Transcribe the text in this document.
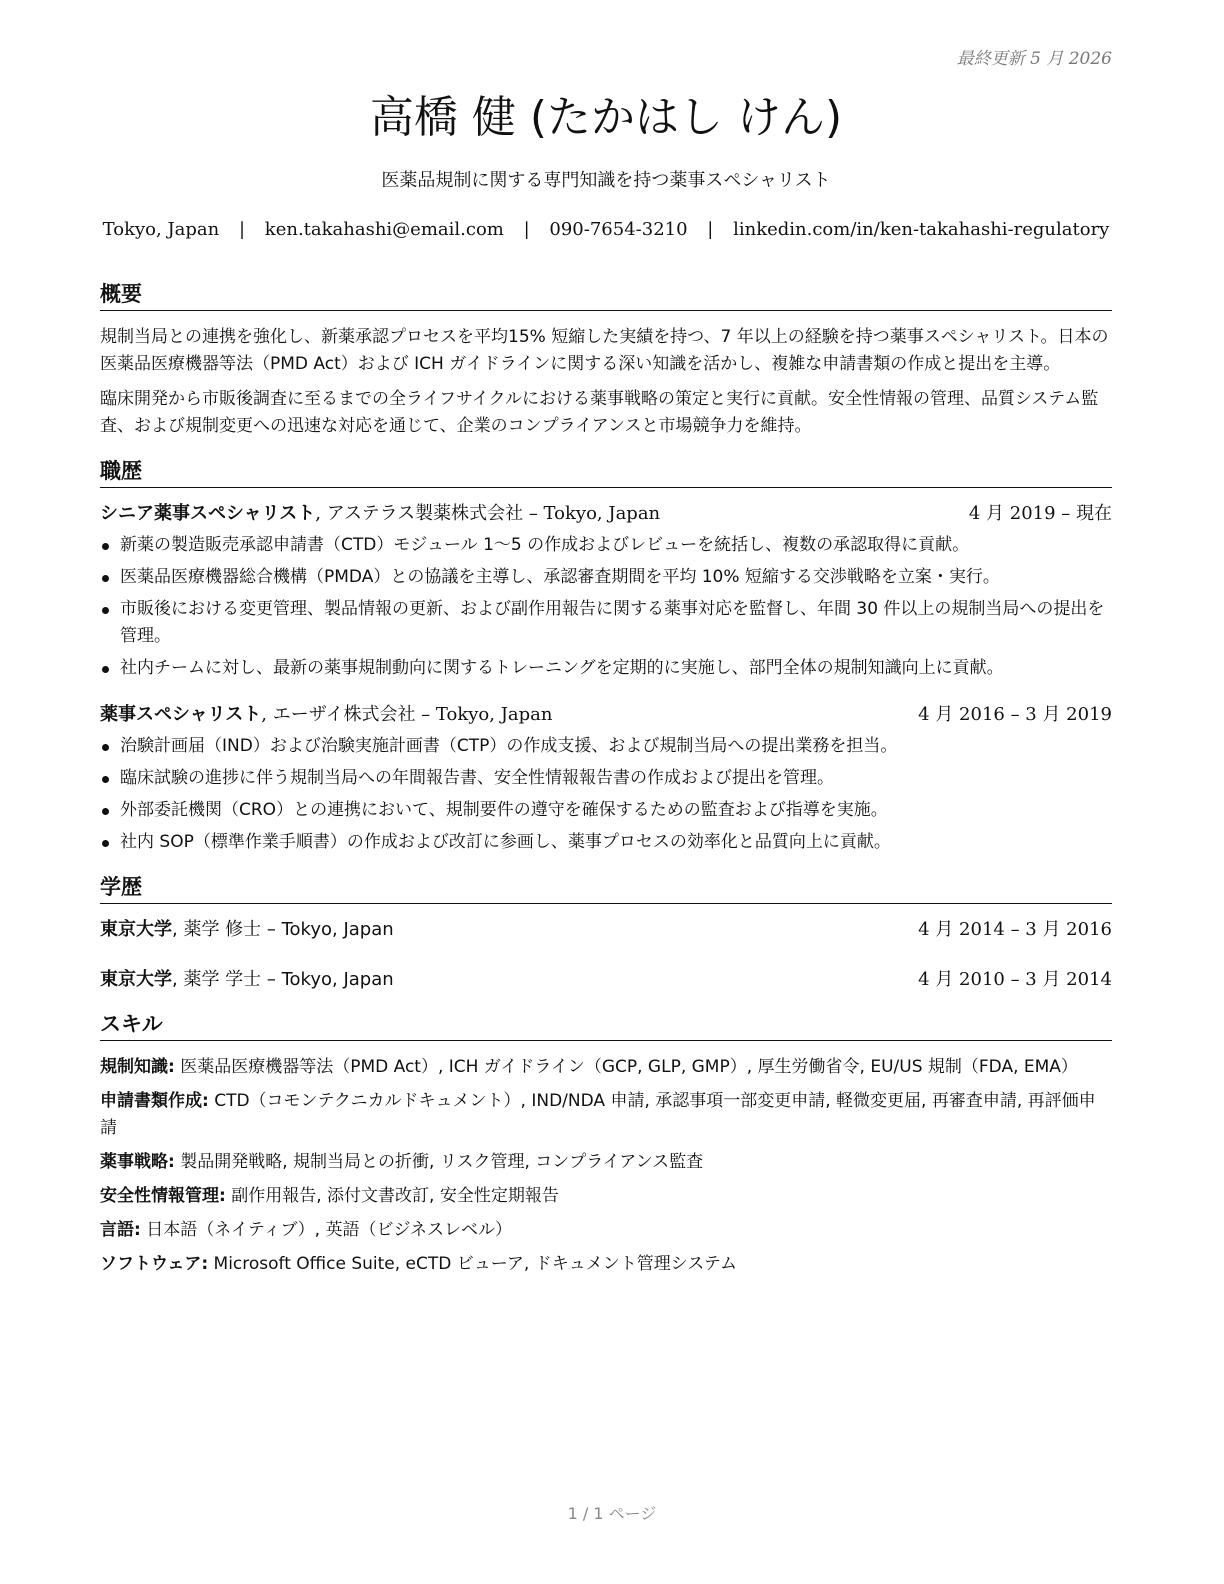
最終更新 5 月 2026
高橋 健 (たかはし けん)
医薬品規制に関する専門知識を持つ薬事スペシャリスト
Tokyo, Japan | ken.takahashi@email.com | 090-7654-3210 | linkedin.com/in/ken-takahashi-regulatory
概要

規制当局との連携を強化し、新薬承認プロセスを平均15% 短縮した実績を持つ、7 年以上の経験を持つ薬事スペシャリスト。日本の医薬品医療機器等法（PMD Act）および ICH ガイドラインに関する深い知識を活かし、複雑な申請書類の作成と提出を主導。

臨床開発から市販後調査に至るまでの全ライフサイクルにおける薬事戦略の策定と実行に貢献。安全性情報の管理、品質システム監査、および規制変更への迅速な対応を通じて、企業のコンプライアンスと市場競争力を維持。

職歴
シニア薬事スペシャリスト, アステラス製薬株式会社 – Tokyo, Japan	4 月 2019 – 現在
新薬の製造販売承認申請書（CTD）モジュール 1〜5 の作成およびレビューを統括し、複数の承認取得に貢献。
医薬品医療機器総合機構（PMDA）との協議を主導し、承認審査期間を平均 10% 短縮する交渉戦略を立案・実行。
市販後における変更管理、製品情報の更新、および副作用報告に関する薬事対応を監督し、年間 30 件以上の規制当局への提出を管理。
社内チームに対し、最新の薬事規制動向に関するトレーニングを定期的に実施し、部門全体の規制知識向上に貢献。
薬事スペシャリスト, エーザイ株式会社 – Tokyo, Japan	4 月 2016 – 3 月 2019
治験計画届（IND）および治験実施計画書（CTP）の作成支援、および規制当局への提出業務を担当。
臨床試験の進捗に伴う規制当局への年間報告書、安全性情報報告書の作成および提出を管理。
外部委託機関（CRO）との連携において、規制要件の遵守を確保するための監査および指導を実施。
社内 SOP（標準作業手順書）の作成および改訂に参画し、薬事プロセスの効率化と品質向上に貢献。
学歴
東京大学, 薬学 修士 – Tokyo, Japan	4 月 2014 – 3 月 2016
東京大学, 薬学 学士 – Tokyo, Japan	4 月 2010 – 3 月 2014
スキル

規制知識: 医薬品医療機器等法（PMD Act）, ICH ガイドライン（GCP, GLP, GMP）, 厚生労働省令, EU/US 規制（FDA, EMA）

申請書類作成: CTD（コモンテクニカルドキュメント）, IND/NDA 申請, 承認事項一部変更申請, 軽微変更届, 再審査申請, 再評価申請

薬事戦略: 製品開発戦略, 規制当局との折衝, リスク管理, コンプライアンス監査

安全性情報管理: 副作用報告, 添付文書改訂, 安全性定期報告

言語: 日本語（ネイティブ）, 英語（ビジネスレベル）

ソフトウェア: Microsoft Office Suite, eCTD ビューア, ドキュメント管理システム

1 / 1 ページ
